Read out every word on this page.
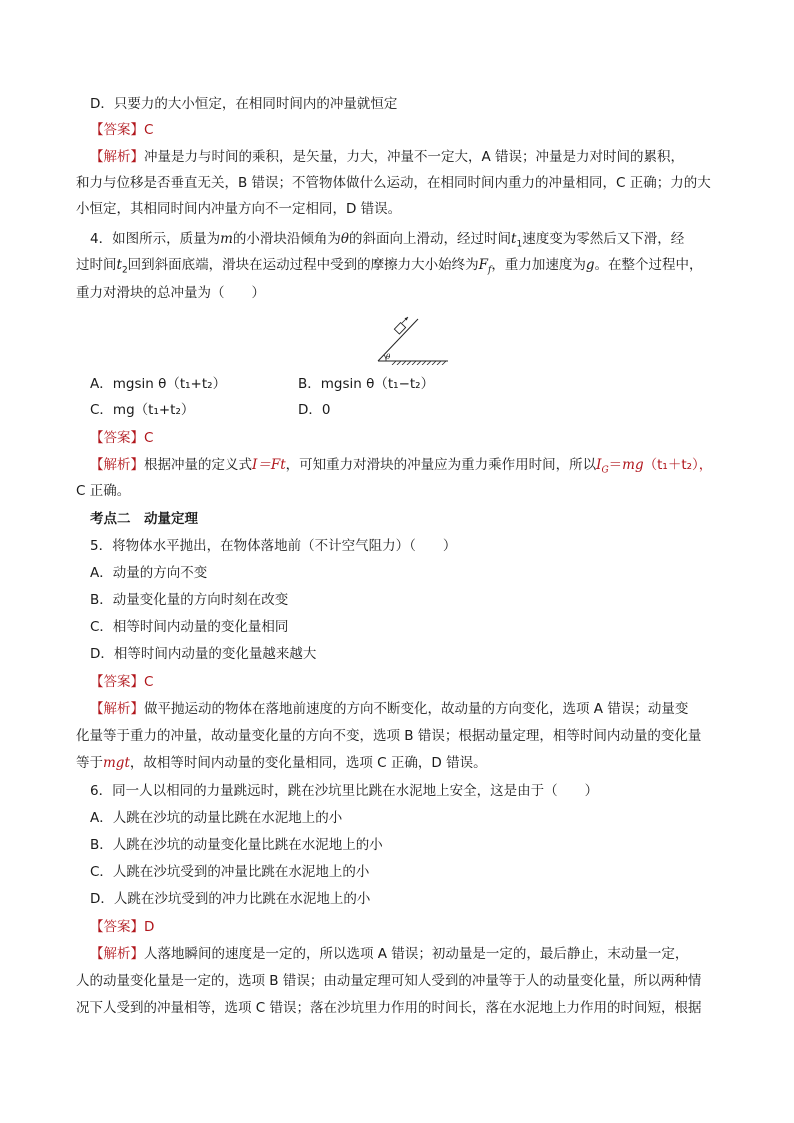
D．只要力的大小恒定，在相同时间内的冲量就恒定
【答案】C
【解析】冲量是力与时间的乘积，是矢量，力大，冲量不一定大，A 错误；冲量是力对时间的累积，
和力与位移是否垂直无关，B 错误；不管物体做什么运动，在相同时间内重力的冲量相同，C 正确；力的大
小恒定，其相同时间内冲量方向不一定相同，D 错误。
4．如图所示，质量为m的小滑块沿倾角为θ的斜面向上滑动，经过时间$t_1$速度变为零然后又下滑，经
过时间$t_2$回到斜面底端，滑块在运动过程中受到的摩擦力大小始终为$F_f$，重力加速度为g。在整个过程中，
重力对滑块的总冲量为（　　）
θ
A．mgsin θ（t₁+t₂）	B．mgsin θ（t₁−t₂）
C．mg（t₁+t₂）	D．0
【答案】C
【解析】根据冲量的定义式I＝Ft，可知重力对滑块的冲量应为重力乘作用时间，所以$I_G=mg(t_1+t_2)$，
C 正确。
考点二　动量定理
5．将物体水平抛出，在物体落地前（不计空气阻力）（　　）
A．动量的方向不变
B．动量变化量的方向时刻在改变
C．相等时间内动量的变化量相同
D．相等时间内动量的变化量越来越大
【答案】C
【解析】做平抛运动的物体在落地前速度的方向不断变化，故动量的方向变化，选项 A 错误；动量变
化量等于重力的冲量，故动量变化量的方向不变，选项 B 错误；根据动量定理，相等时间内动量的变化量
等于mgt，故相等时间内动量的变化量相同，选项 C 正确，D 错误。
6．同一人以相同的力量跳远时，跳在沙坑里比跳在水泥地上安全，这是由于（　　）
A．人跳在沙坑的动量比跳在水泥地上的小
B．人跳在沙坑的动量变化量比跳在水泥地上的小
C．人跳在沙坑受到的冲量比跳在水泥地上的小
D．人跳在沙坑受到的冲力比跳在水泥地上的小
【答案】D
【解析】人落地瞬间的速度是一定的，所以选项 A 错误；初动量是一定的，最后静止，末动量一定，
人的动量变化量是一定的，选项 B 错误；由动量定理可知人受到的冲量等于人的动量变化量，所以两种情
况下人受到的冲量相等，选项 C 错误；落在沙坑里力作用的时间长，落在水泥地上力作用的时间短，根据
